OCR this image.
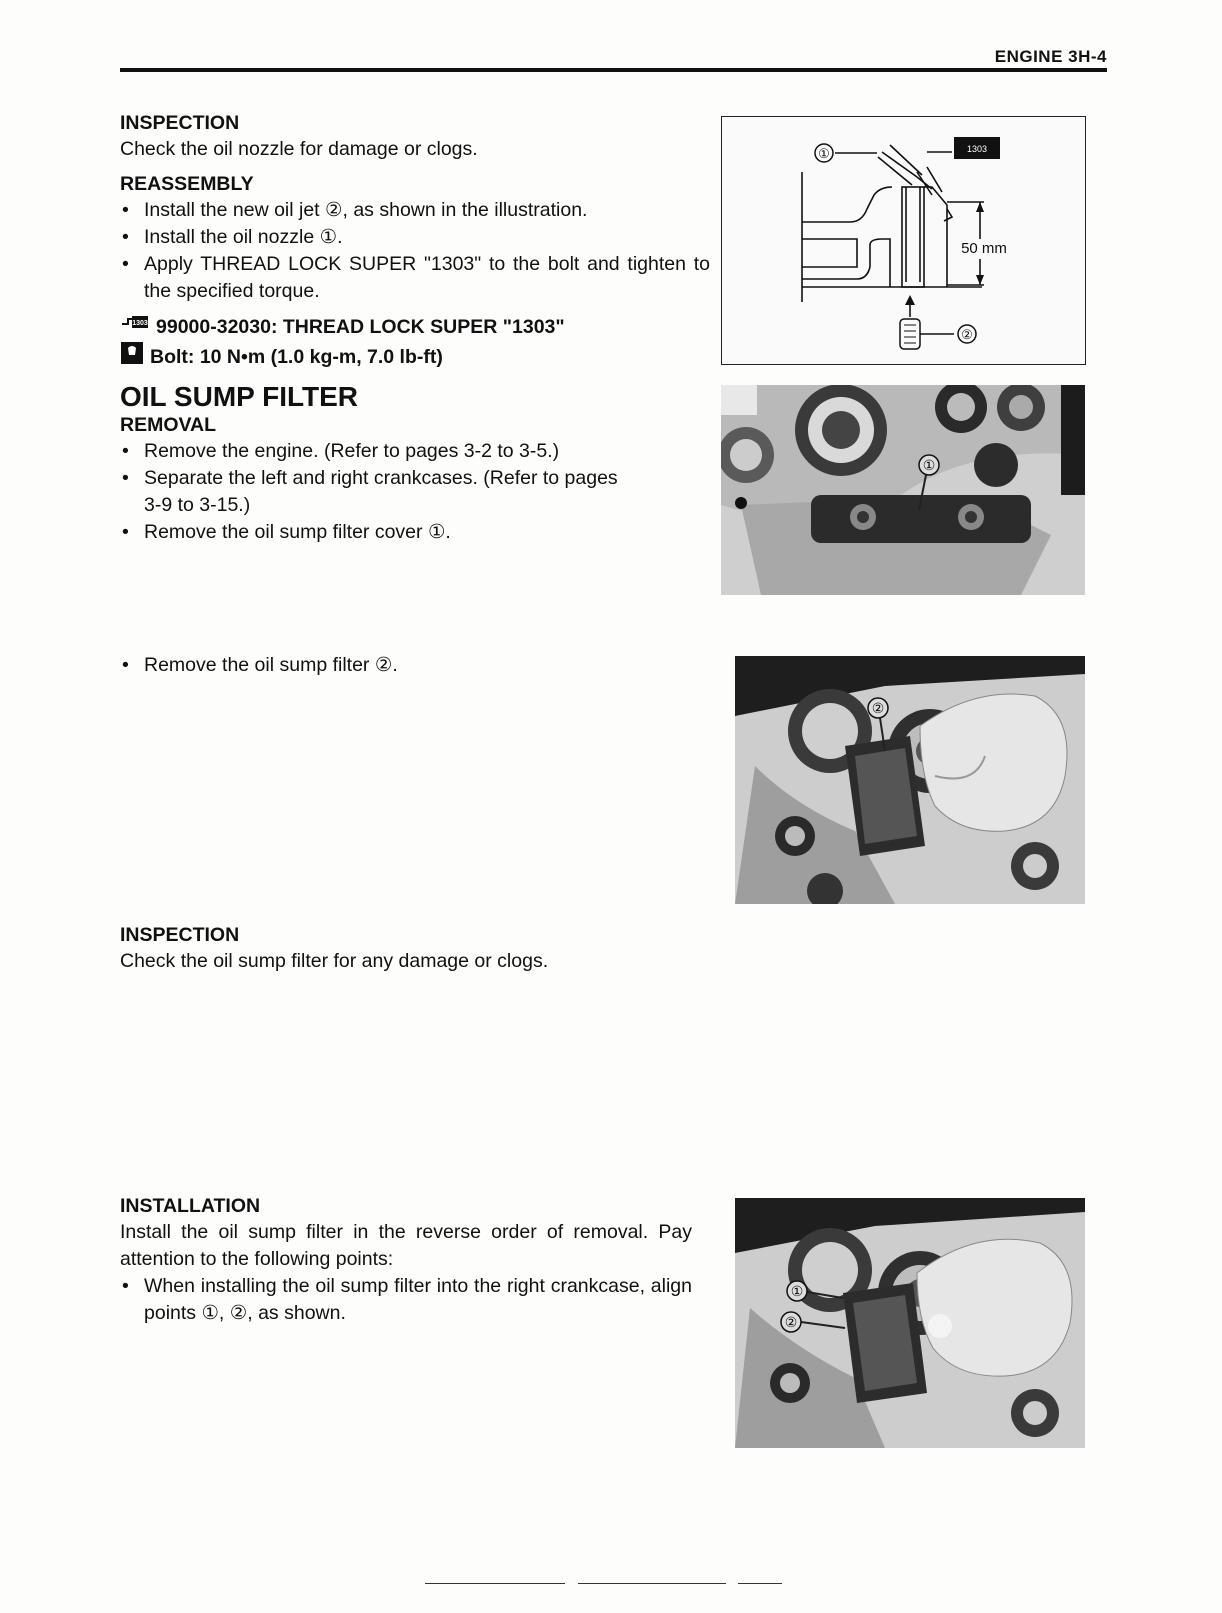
ENGINE 3H-4
INSPECTION

Check the oil nozzle for damage or clogs.

REASSEMBLY
• Install the new oil jet ②, as shown in the illustration.
• Install the oil nozzle ①.
• Apply THREAD LOCK SUPER "1303" to the bolt and tighten to the specified torque.
1303 99000-32030: THREAD LOCK SUPER "1303"
Bolt: 10 N•m (1.0 kg-m, 7.0 lb-ft)
①
②
1303
50 mm
OIL SUMP FILTER
REMOVAL
• Remove the engine. (Refer to pages 3-2 to 3-5.)
• Separate the left and right crankcases. (Refer to pages 3-9 to 3-15.)
• Remove the oil sump filter cover ①.
①
• Remove the oil sump filter ②.
②
INSPECTION

Check the oil sump filter for any damage or clogs.

INSTALLATION

Install the oil sump filter in the reverse order of removal. Pay attention to the following points:

• When installing the oil sump filter into the right crankcase, align points ①, ②, as shown.
①
②
